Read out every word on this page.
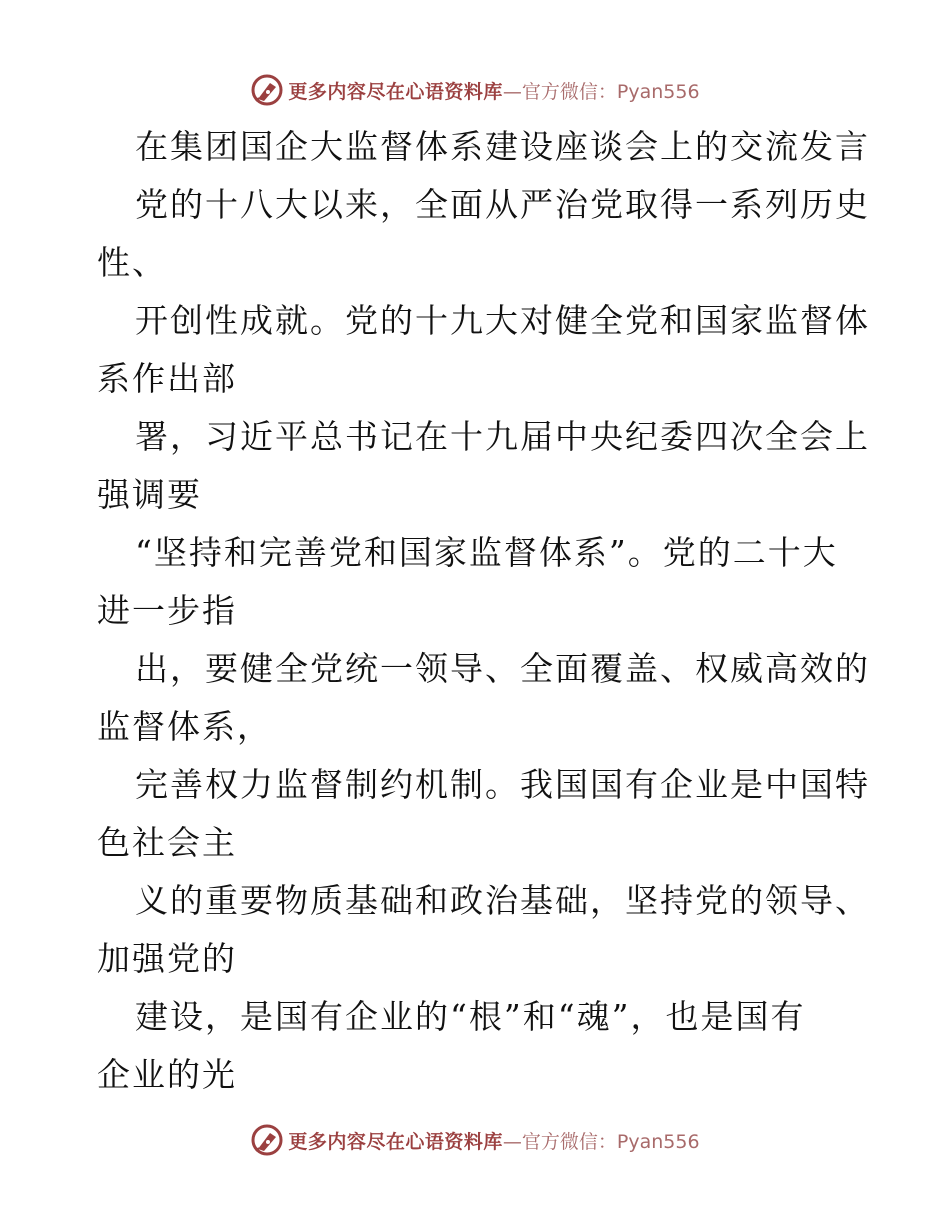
更多内容尽在心语资料库 —官方微信：Pyan556
在集团国企大监督体系建设座谈会上的交流发言
党的十八大以来，全面从严治党取得一系列历史
性、
开创性成就。党的十九大对健全党和国家监督体
系作出部
署，习近平总书记在十九届中央纪委四次全会上
强调要
“坚持和完善党和国家监督体系”。党的二十大
进一步指
出，要健全党统一领导、全面覆盖、权威高效的
监督体系，
完善权力监督制约机制。我国国有企业是中国特
色社会主
义的重要物质基础和政治基础，坚持党的领导、
加强党的
建设，是国有企业的“根”和“魂”，也是国有
企业的光
更多内容尽在心语资料库 —官方微信：Pyan556
